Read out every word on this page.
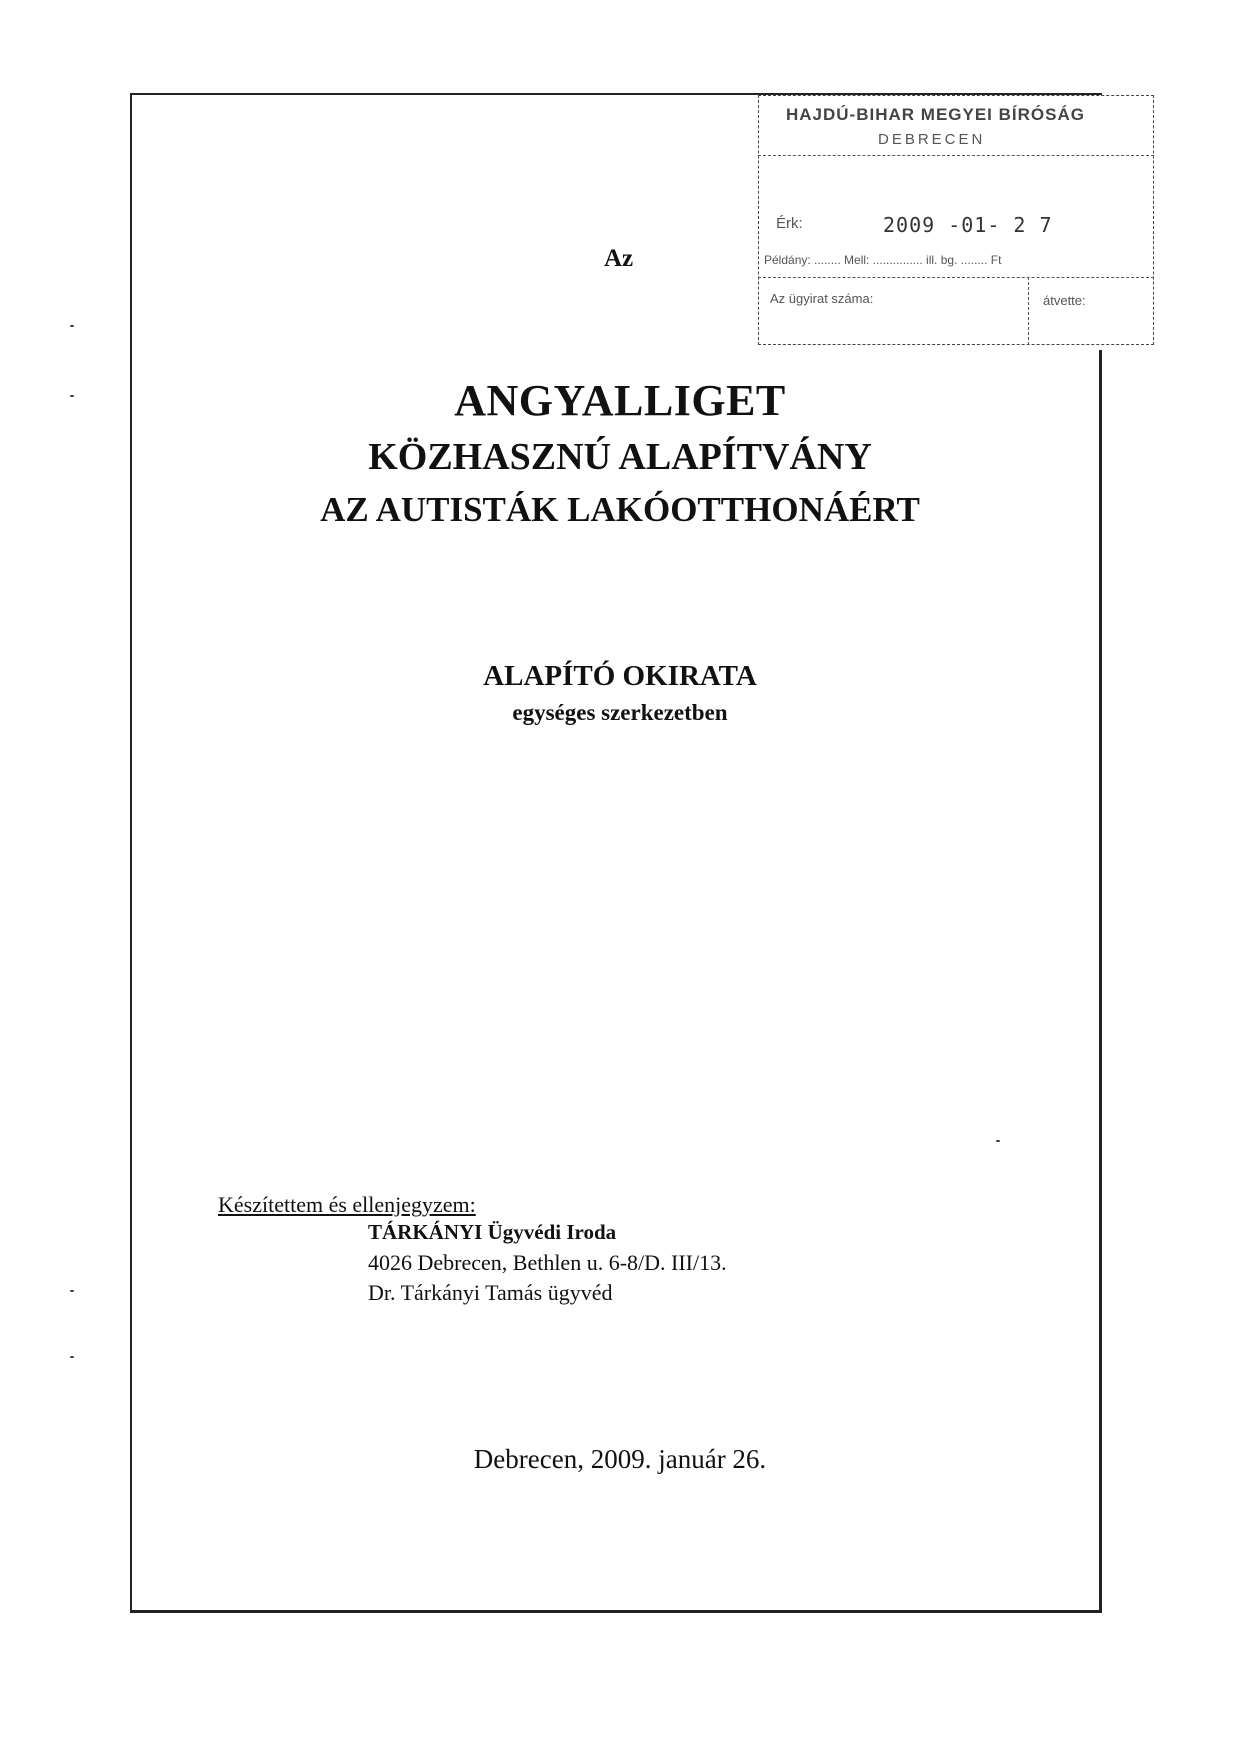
HAJDÚ-BIHAR MEGYEI BÍRÓSÁG
DEBRECEN
Érk:	2009 -01- 2 7
Példány: ........ Mell: ............... ill. bg. ........ Ft
Az ügyirat száma:	átvette:
Az
ANGYALLIGET
KÖZHASZNÚ ALAPÍTVÁNY
AZ AUTISTÁK LAKÓOTTHONÁÉRT
ALAPÍTÓ OKIRATA
egységes szerkezetben
Készítettem és ellenjegyzem:
TÁRKÁNYI Ügyvédi Iroda
4026 Debrecen, Bethlen u. 6-8/D. III/13.
Dr. Tárkányi Tamás ügyvéd
Debrecen, 2009. január 26.
